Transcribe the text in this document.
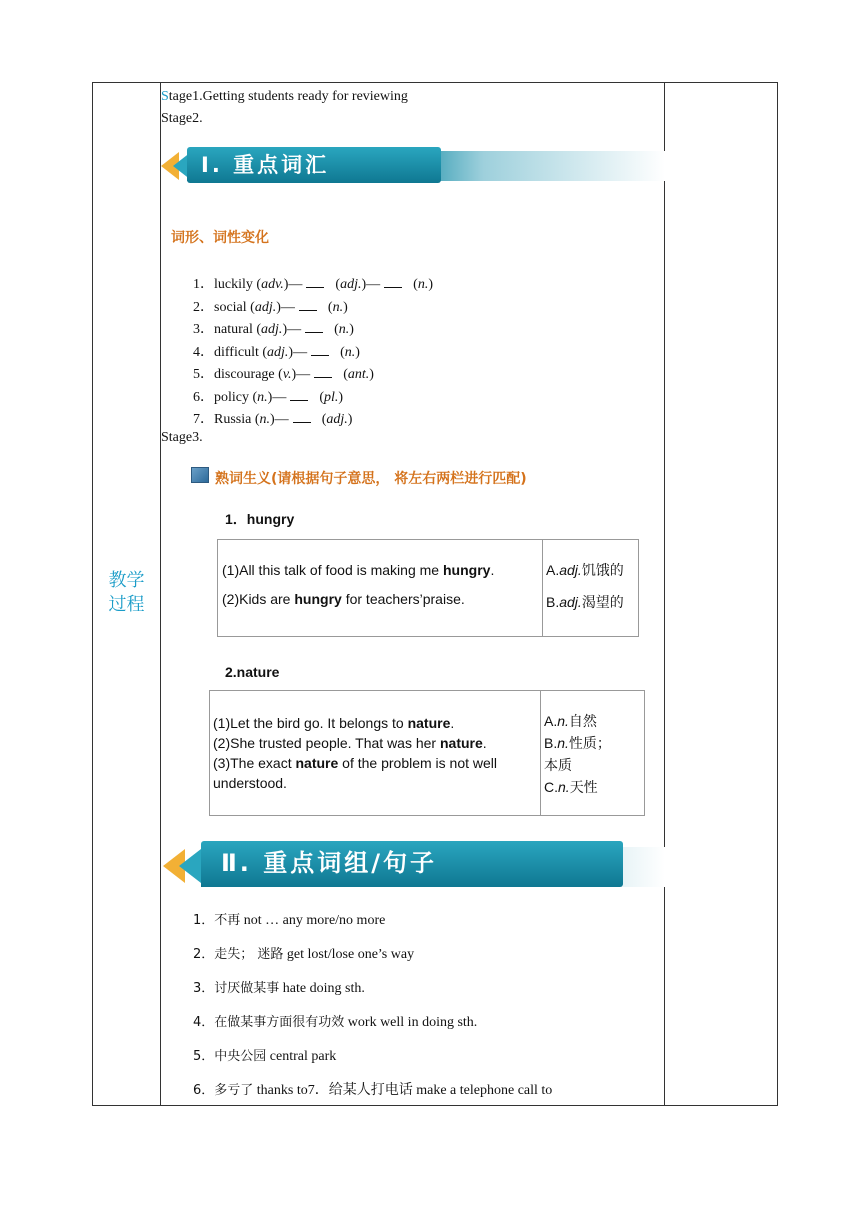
教学
过程
Stage1.Getting students ready for reviewing
Stage2.
Ⅰ. 重点词汇
词形、词性变化
1．luckily (adv.)—  (adj.)—  (n.)
2．social (adj.)—  (n.)
3．natural (adj.)—  (n.)
4．difficult (adj.)—  (n.)
5．discourage (v.)—  (ant.)
6．policy (n.)—  (pl.)
7．Russia (n.)—  (adj.)
Stage3.
熟词生义(请根据句子意思， 将左右两栏进行匹配)
1．hungry
(1)All this talk of food is making me hungry.
(2)Kids are hungry for teachers’praise.
A.adj.饥饿的
B.adj.渴望的
2.nature
(1)Let the bird go. It belongs to nature.
(2)She trusted people. That was her nature.
(3)The exact nature of the problem is not well
understood.
A.n.自然
B.n.性质；
本质
C.n.天性
Ⅱ. 重点词组/句子
1．不再 not … any more/no more
2．走失； 迷路 get lost/lose one’s way
3．讨厌做某事 hate doing sth.
4．在做某事方面很有功效 work well in doing sth.
5．中央公园 central park
6．多亏了 thanks to7．给某人打电话 make a telephone call to
